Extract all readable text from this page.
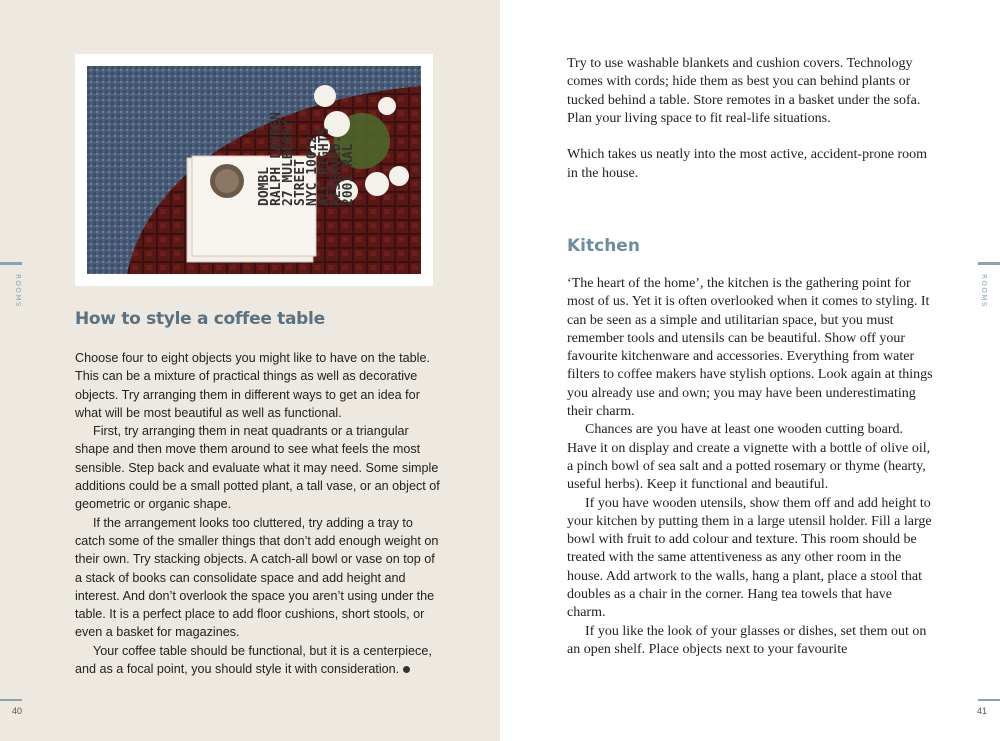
DOMBL
RALPH LAUREN
27 MULBERRY
STREET
NYC 10012
ALL RIGHTS
RESERVED.
2001 RAL
How to style a coffee table

Choose four to eight objects you might like to have on the table. This can be a mixture of practical things as well as decorative objects. Try arranging them in different ways to get an idea for what will be most beautiful as well as functional.

First, try arranging them in neat quadrants or a triangular shape and then move them around to see what feels the most sensible. Step back and evaluate what it may need. Some simple additions could be a small potted plant, a tall vase, or an object of geometric or organic shape.

If the arrangement looks too cluttered, try adding a tray to catch some of the smaller things that don’t add enough weight on their own. Try stacking objects. A catch-all bowl or vase on top of a stack of books can consolidate space and add height and interest. And don’t overlook the space you aren’t using under the table. It is a perfect place to add floor cushions, short stools, or even a basket for magazines.

Your coffee table should be functional, but it is a centerpiece, and as a focal point, you should style it with consideration.

ROOMS
40

Try to use washable blankets and cushion covers. Technology comes with cords; hide them as best you can behind plants or tucked behind a table. Store remotes in a basket under the sofa. Plan your living space to fit real-life situations.

Which takes us neatly into the most active, accident-prone room in the house.

Kitchen

‘The heart of the home’, the kitchen is the gathering point for most of us. Yet it is often overlooked when it comes to styling. It can be seen as a simple and utilitarian space, but you must remember tools and utensils can be beautiful. Show off your favourite kitchenware and accessories. Everything from water filters to coffee makers have stylish options. Look again at things you already use and own; you may have been underestimating their charm.

Chances are you have at least one wooden cutting board. Have it on display and create a vignette with a bottle of olive oil, a pinch bowl of sea salt and a potted rosemary or thyme (hearty, useful herbs). Keep it functional and beautiful.

If you have wooden utensils, show them off and add height to your kitchen by putting them in a large utensil holder. Fill a large bowl with fruit to add colour and texture. This room should be treated with the same attentiveness as any other room in the house. Add artwork to the walls, hang a plant, place a stool that doubles as a chair in the corner. Hang tea towels that have charm.

If you like the look of your glasses or dishes, set them out on an open shelf. Place objects next to your favourite

ROOMS
41
